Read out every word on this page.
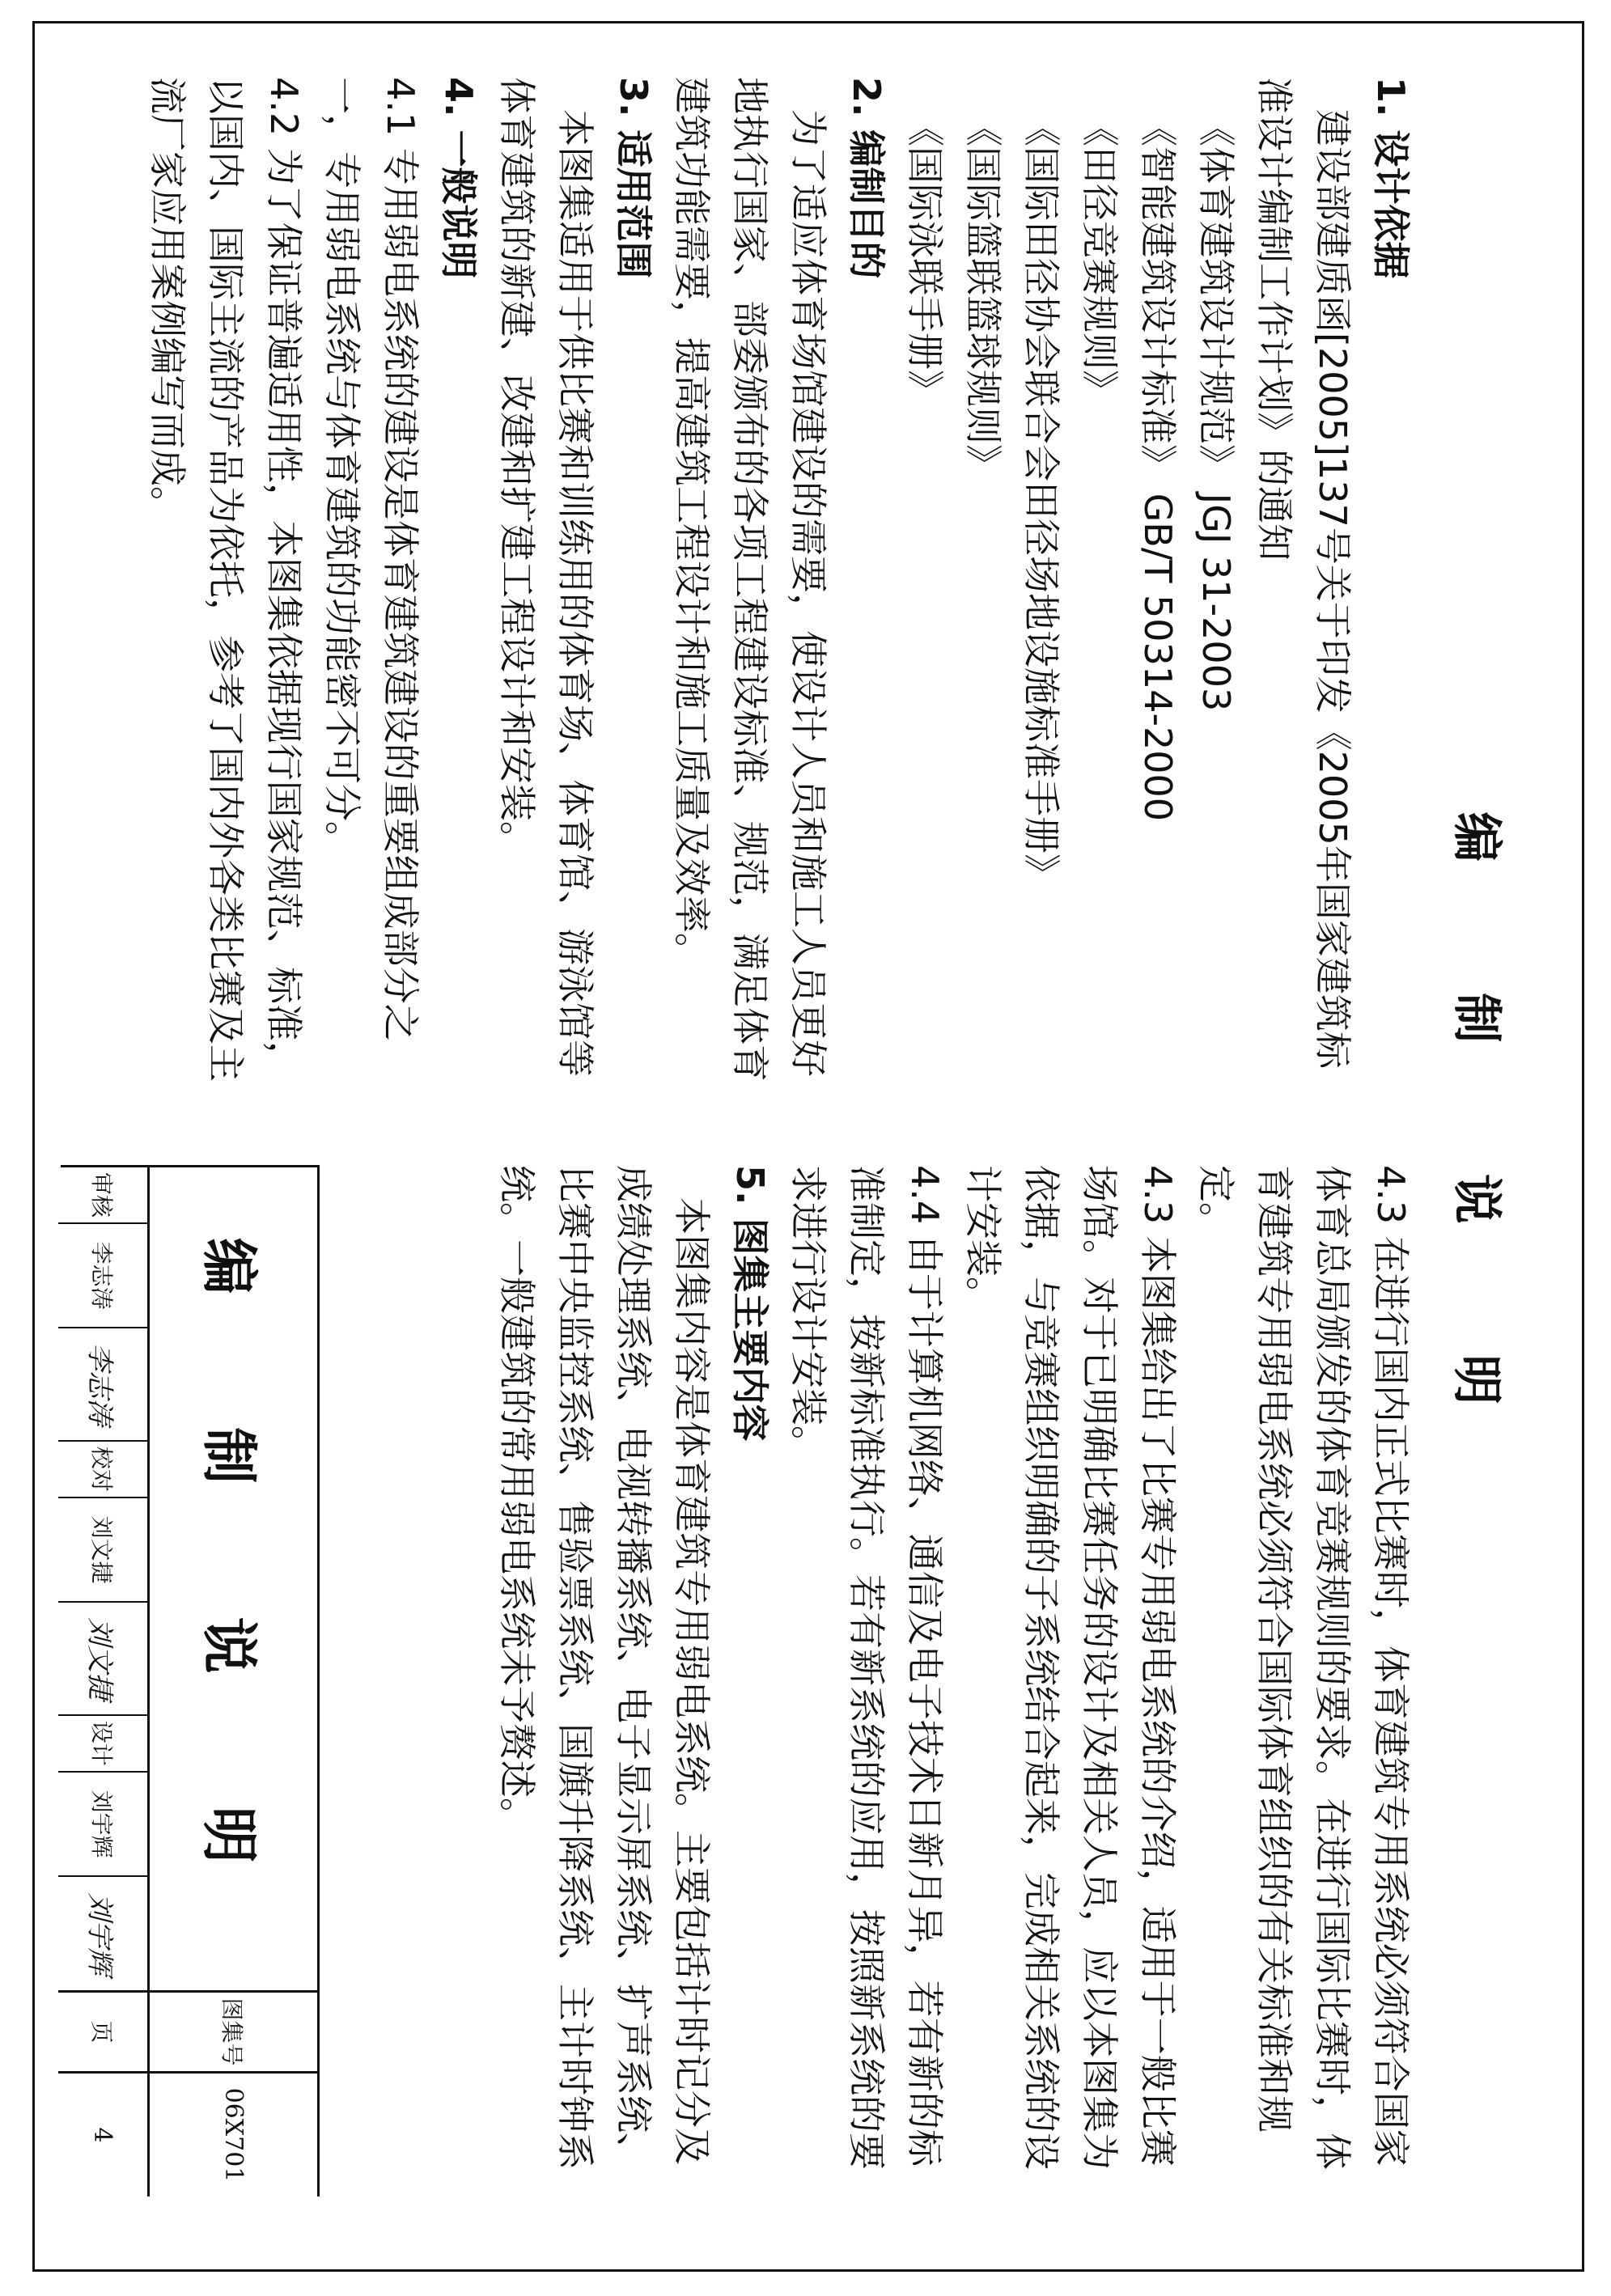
编 制 说 明

1. 设计依据

建设部建质函[2005]137号关于印发《2005年国家建筑标准设计编制工作计划》的通知

《体育建筑设计规范》 JGJ 31-2003

《智能建筑设计标准》 GB/T 50314-2000

《田径竞赛规则》

《国际田径协会联合会田径场地设施标准手册》

《国际篮联篮球规则》

《国际泳联手册》

2. 编制目的

为了适应体育场馆建设的需要，使设计人员和施工人员更好地执行国家、部委颁布的各项工程建设标准、规范，满足体育建筑功能需要，提高建筑工程设计和施工质量及效率。

3. 适用范围

本图集适用于供比赛和训练用的体育场、体育馆、游泳馆等体育建筑的新建、改建和扩建工程设计和安装。

4. 一般说明

4.1 专用弱电系统的建设是体育建筑建设的重要组成部分之一，专用弱电系统与体育建筑的功能密不可分。

4.2 为了保证普遍适用性，本图集依据现行国家规范、标准，以国内、国际主流的产品为依托，参考了国内外各类比赛及主流厂家应用案例编写而成。

4.3 在进行国内正式比赛时，体育建筑专用系统必须符合国家体育总局颁发的体育竞赛规则的要求。在进行国际比赛时，体育建筑专用弱电系统必须符合国际体育组织的有关标准和规定。

4.3 本图集给出了比赛专用弱电系统的介绍，适用于一般比赛场馆。对于已明确比赛任务的设计及相关人员，应以本图集为依据，与竞赛组织明确的子系统结合起来，完成相关系统的设计安装。

4.4 由于计算机网络、通信及电子技术日新月异，若有新的标准制定，按新标准执行。若有新系统的应用，按照新系统的要求进行设计安装。

5. 图集主要内容

本图集内容是体育建筑专用弱电系统。主要包括计时记分及成绩处理系统、电视转播系统、电子显示屏系统、扩声系统、比赛中央监控系统、售验票系统、国旗升降系统、主计时钟系统。一般建筑的常用弱电系统未予赘述。

编 制 说 明
图集号
06X701
页
4
审核
李志涛
李志涛
校对
刘文捷
刘文捷
设计
刘宇辉
刘宇辉
